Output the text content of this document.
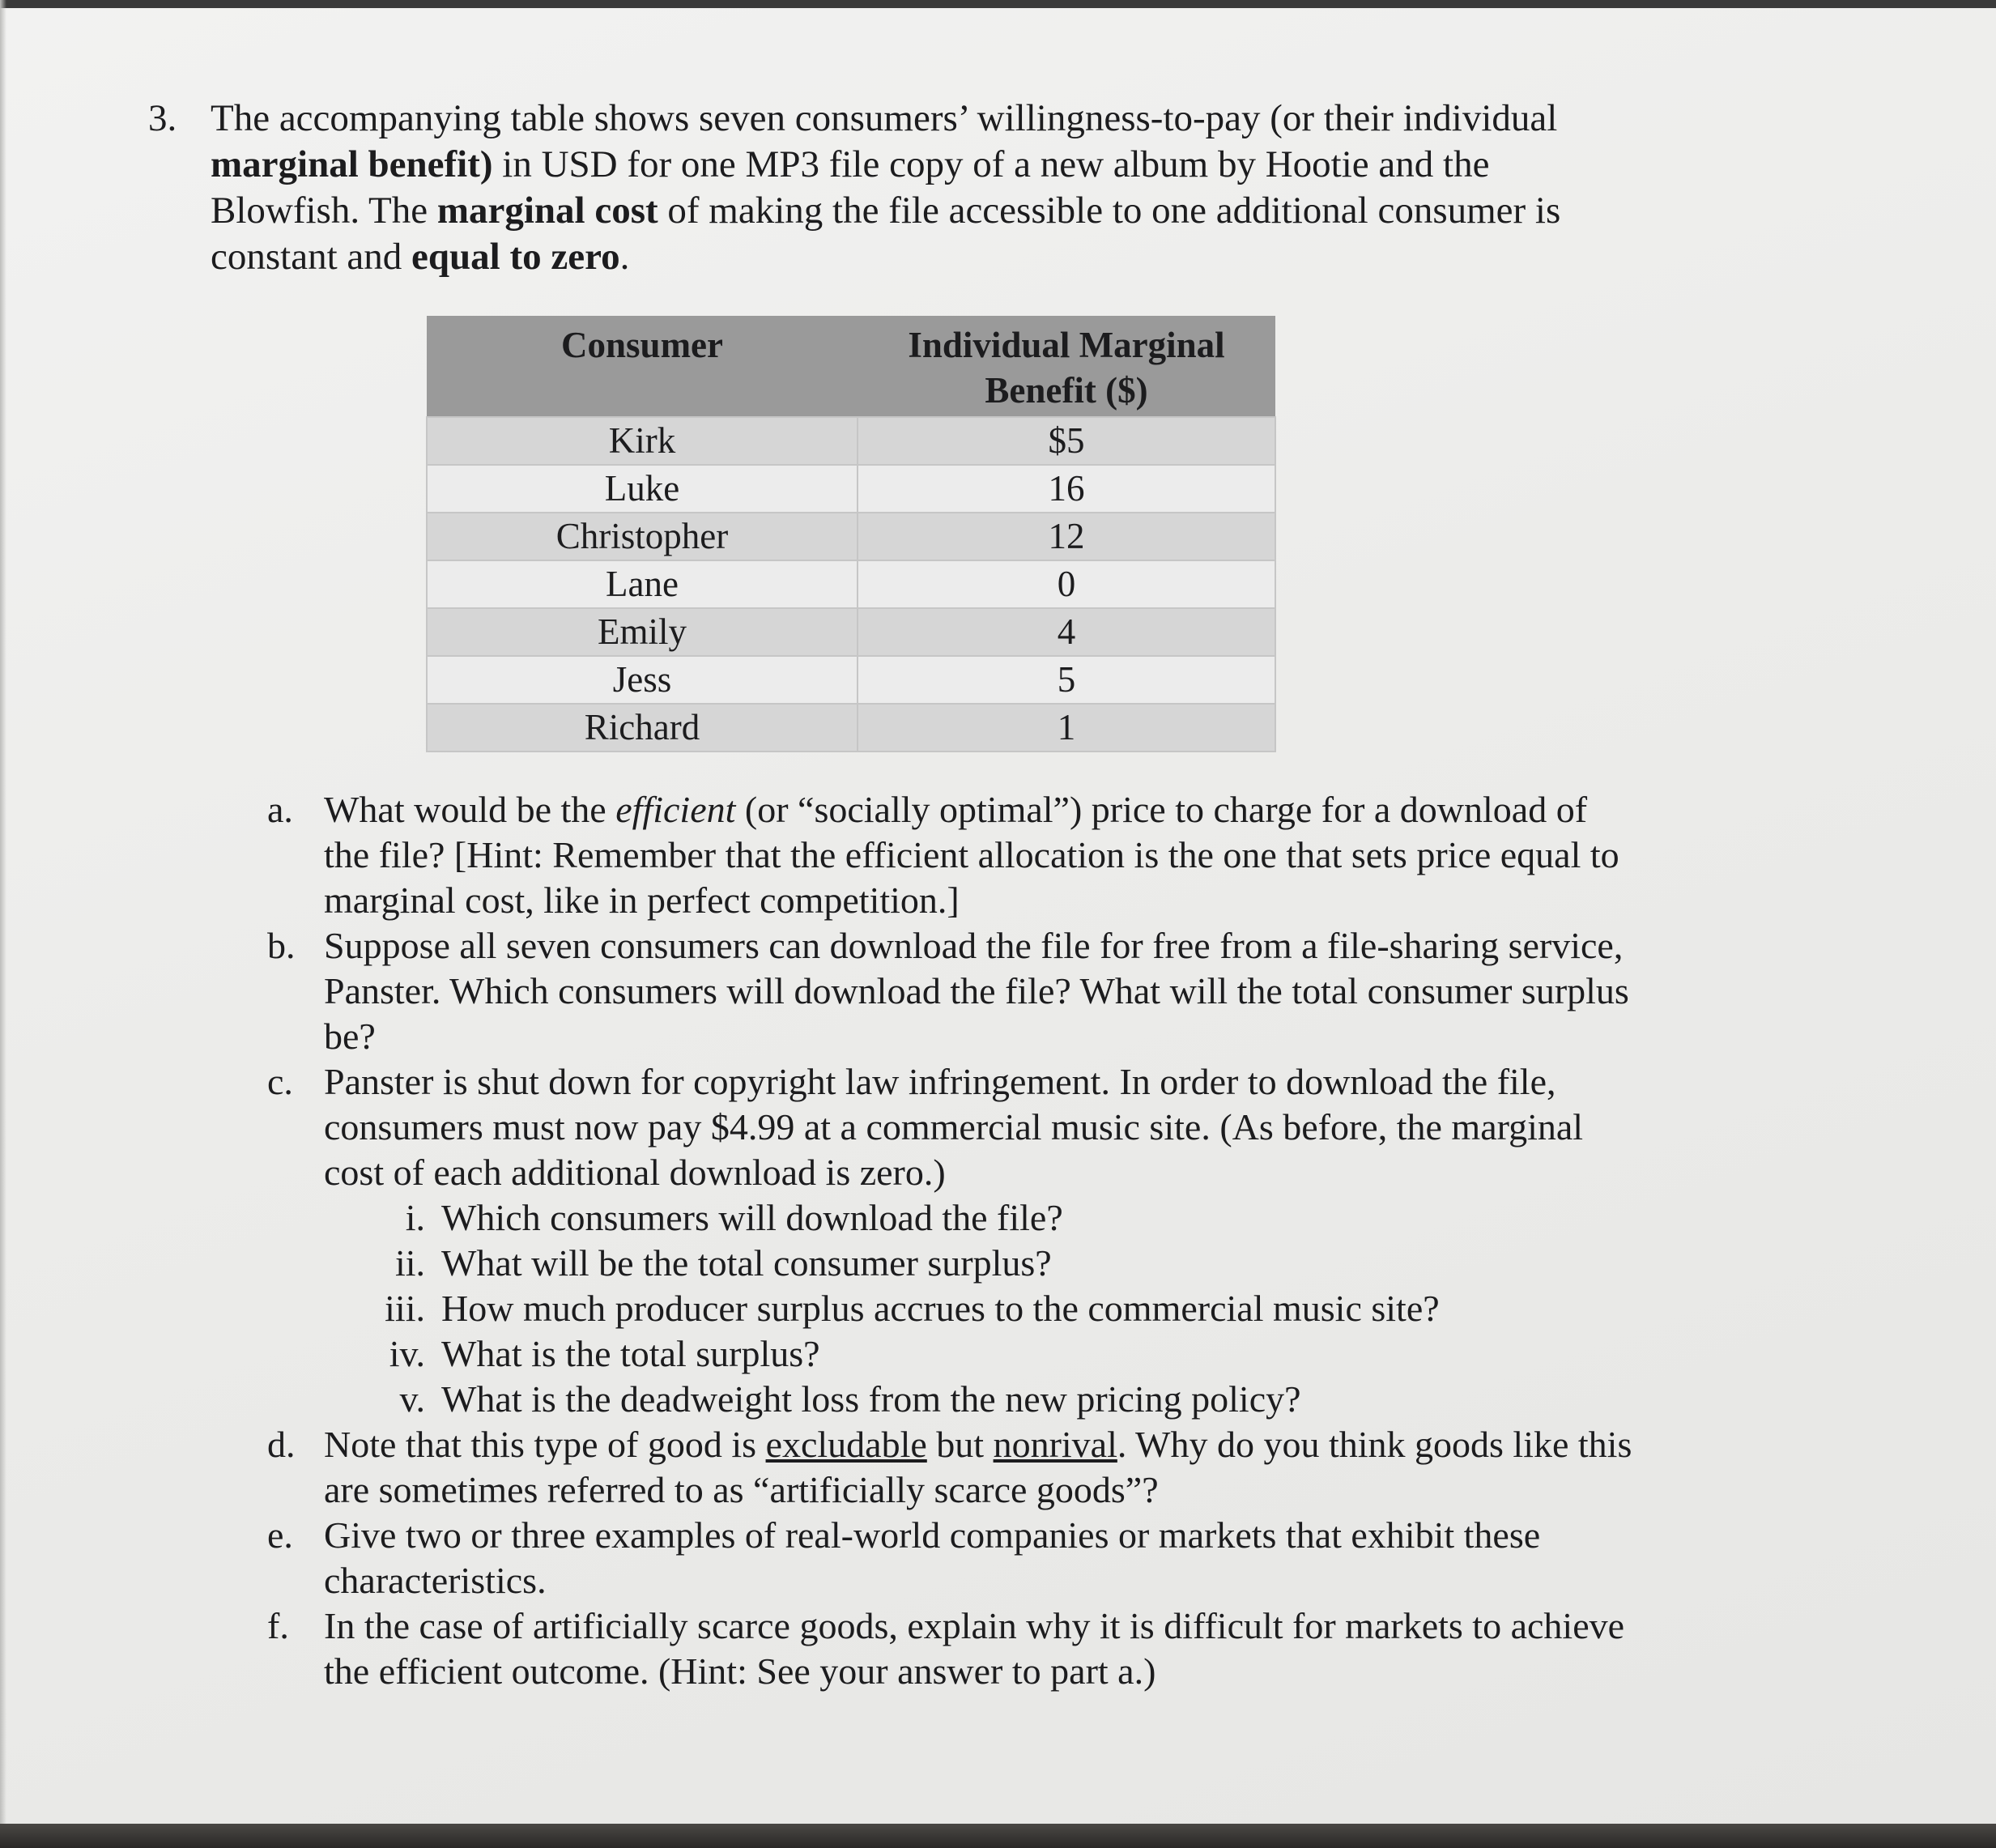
3. The accompanying table shows seven consumers’ willingness-to-pay (or their individual marginal benefit) in USD for one MP3 file copy of a new album by Hootie and the Blowfish. The marginal cost of making the file accessible to one additional consumer is constant and equal to zero.
Consumer	Individual Marginal Benefit ($)
Kirk	$5
Luke	16
Christopher	12
Lane	0
Emily	4
Jess	5
Richard	1
a. What would be the efficient (or “socially optimal”) price to charge for a download of the file? [Hint: Remember that the efficient allocation is the one that sets price equal to marginal cost, like in perfect competition.]
b. Suppose all seven consumers can download the file for free from a file-sharing service, Panster. Which consumers will download the file? What will the total consumer surplus be?
c. Panster is shut down for copyright law infringement. In order to download the file, consumers must now pay $4.99 at a commercial music site. (As before, the marginal cost of each additional download is zero.)
i. Which consumers will download the file?
ii. What will be the total consumer surplus?
iii. How much producer surplus accrues to the commercial music site?
iv. What is the total surplus?
v. What is the deadweight loss from the new pricing policy?
d. Note that this type of good is excludable but nonrival. Why do you think goods like this are sometimes referred to as “artificially scarce goods”?
e. Give two or three examples of real-world companies or markets that exhibit these characteristics.
f. In the case of artificially scarce goods, explain why it is difficult for markets to achieve the efficient outcome. (Hint: See your answer to part a.)
